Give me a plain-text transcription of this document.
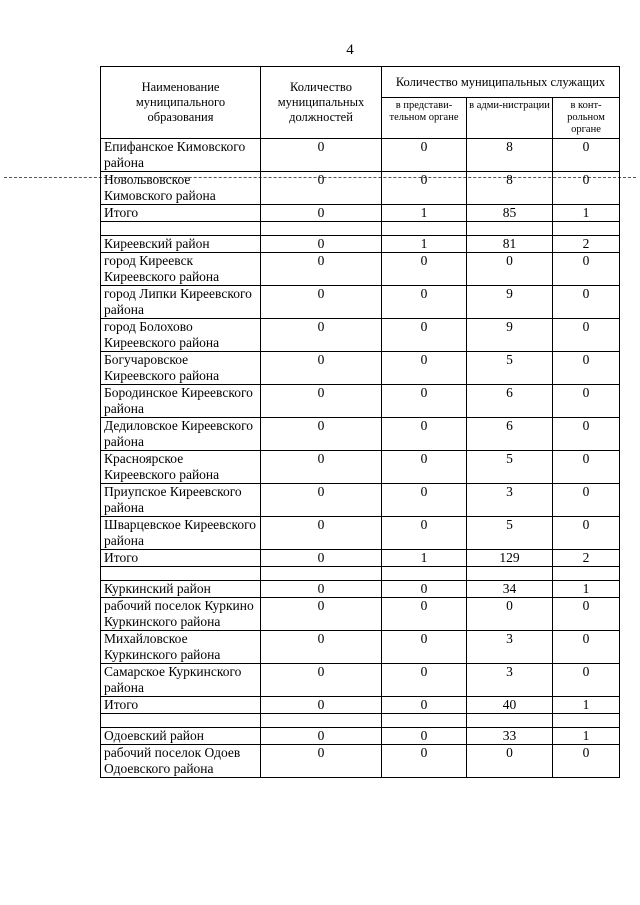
4
Наименование муниципального образования	Количество муниципальных должностей	Количество муниципальных служащих		
		в представи-тельном органе	в адми-нистрации	в конт-рольном органе
Епифанское Кимовского района	0	0	8	0
Новольвовское Кимовского района	0	0	8	0
Итого	0	1	85	1

Киреевский район	0	1	81	2
город Киреевск Киреевского района	0	0	0	0
город Липки Киреевского района	0	0	9	0
город Болохово Киреевского района	0	0	9	0
Богучаровское Киреевского района	0	0	5	0
Бородинское Киреевского района	0	0	6	0
Дедиловское Киреевского района	0	0	6	0
Красноярское Киреевского района	0	0	5	0
Приупское Киреевского района	0	0	3	0
Шварцевское Киреевского района	0	0	5	0
Итого	0	1	129	2

Куркинский район	0	0	34	1
рабочий поселок Куркино Куркинского района	0	0	0	0
Михайловское Куркинского района	0	0	3	0
Самарское Куркинского района	0	0	3	0
Итого	0	0	40	1

Одоевский район	0	0	33	1
рабочий поселок Одоев Одоевского района	0	0	0	0
